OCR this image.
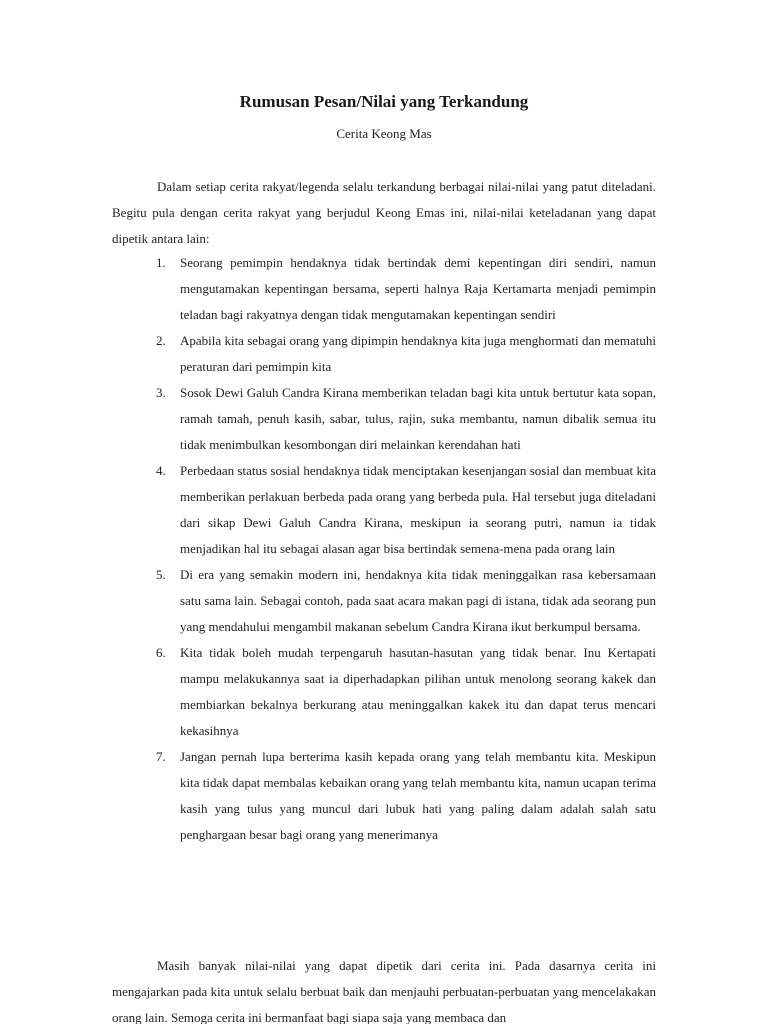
Rumusan Pesan/Nilai yang Terkandung
Cerita Keong Mas

Dalam setiap cerita rakyat/legenda selalu terkandung berbagai nilai-nilai yang patut diteladani. Begitu pula dengan cerita rakyat yang berjudul Keong Emas ini, nilai-nilai keteladanan yang dapat dipetik antara lain:

1.	Seorang pemimpin hendaknya tidak bertindak demi kepentingan diri sendiri, namun mengutamakan kepentingan bersama, seperti halnya Raja Kertamarta menjadi pemimpin teladan bagi rakyatnya dengan tidak mengutamakan kepentingan sendiri
2.	Apabila kita sebagai orang yang dipimpin hendaknya kita juga menghormati dan mematuhi peraturan dari pemimpin kita
3.	Sosok Dewi Galuh Candra Kirana memberikan teladan bagi kita untuk bertutur kata sopan, ramah tamah, penuh kasih, sabar, tulus, rajin, suka membantu, namun dibalik semua itu tidak menimbulkan kesombongan diri melainkan kerendahan hati
4.	Perbedaan status sosial hendaknya tidak menciptakan kesenjangan sosial dan membuat kita memberikan perlakuan berbeda pada orang yang berbeda pula. Hal tersebut juga diteladani dari sikap Dewi Galuh Candra Kirana, meskipun ia seorang putri, namun ia tidak menjadikan hal itu sebagai alasan agar bisa bertindak semena-mena pada orang lain
5.	Di era yang semakin modern ini, hendaknya kita tidak meninggalkan rasa kebersamaan satu sama lain. Sebagai contoh, pada saat acara makan pagi di istana, tidak ada seorang pun yang mendahului mengambil makanan sebelum Candra Kirana ikut berkumpul bersama.
6.	Kita tidak boleh mudah terpengaruh hasutan-hasutan yang tidak benar. Inu Kertapati mampu melakukannya saat ia diperhadapkan pilihan untuk menolong seorang kakek dan membiarkan bekalnya berkurang atau meninggalkan kakek itu dan dapat terus mencari kekasihnya
7.	Jangan pernah lupa berterima kasih kepada orang yang telah membantu kita. Meskipun kita tidak dapat membalas kebaikan orang yang telah membantu kita, namun ucapan terima kasih yang tulus yang muncul dari lubuk hati yang paling dalam adalah salah satu penghargaan besar bagi orang yang menerimanya

Masih banyak nilai-nilai yang dapat dipetik dari cerita ini. Pada dasarnya cerita ini mengajarkan pada kita untuk selalu berbuat baik dan menjauhi perbuatan-perbuatan yang mencelakakan orang lain. Semoga cerita ini bermanfaat bagi siapa saja yang membaca dan
